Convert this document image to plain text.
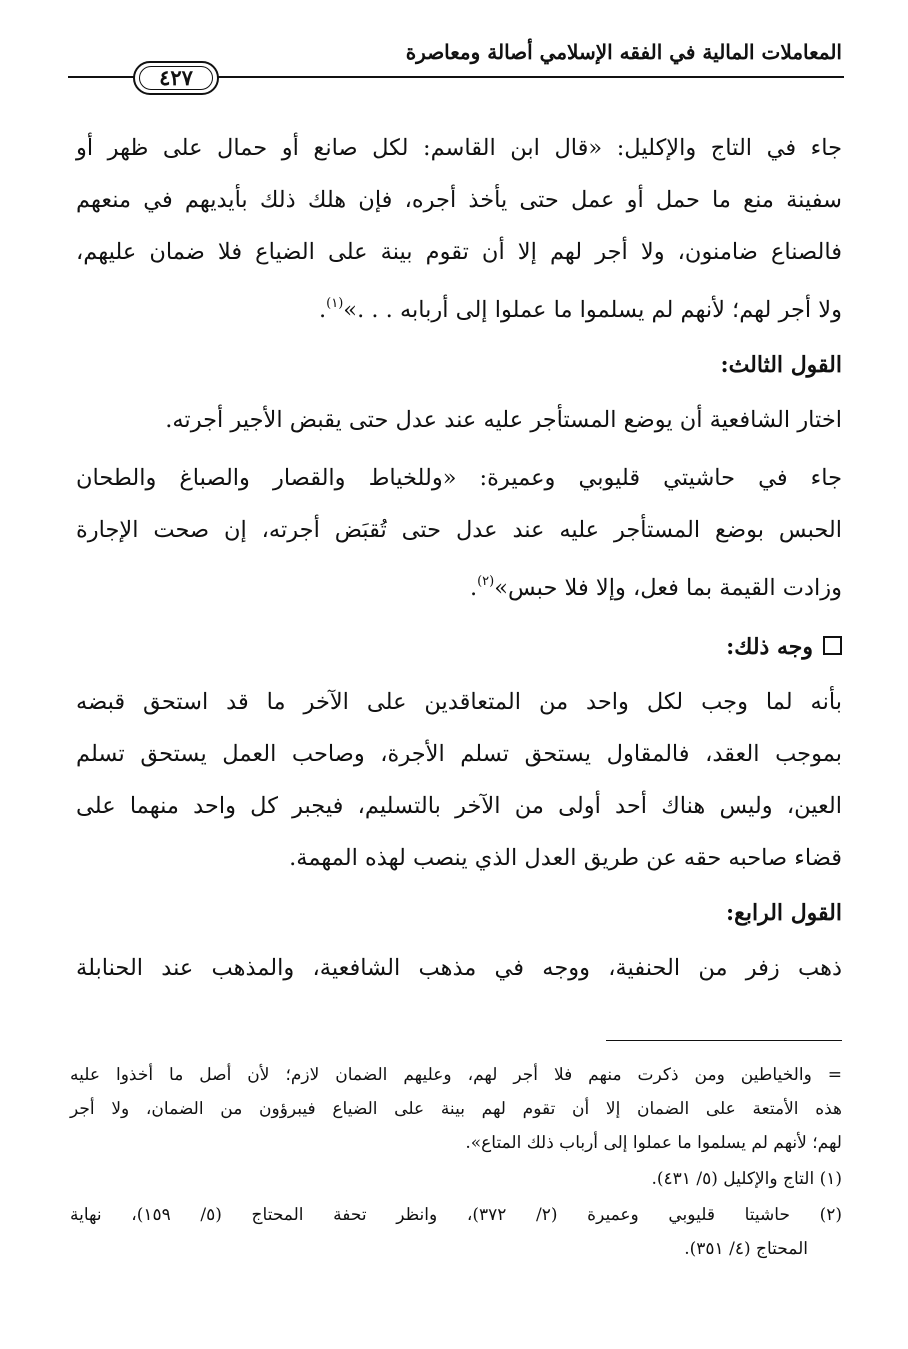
المعاملات المالية في الفقه الإسلامي أصالة ومعاصرة
٤٢٧
جاء في التاج والإكليل: «قال ابن القاسم: لكل صانع أو حمال على ظهر أو
سفينة منع ما حمل أو عمل حتى يأخذ أجره، فإن هلك ذلك بأيديهم في منعهم
فالصناع ضامنون، ولا أجر لهم إلا أن تقوم بينة على الضياع فلا ضمان عليهم،
ولا أجر لهم؛ لأنهم لم يسلموا ما عملوا إلى أربابه . . .»$^{(١)}$.
القول الثالث:
اختار الشافعية أن يوضع المستأجر عليه عند عدل حتى يقبض الأجير أجرته.
جاء في حاشيتي قليوبي وعميرة: «وللخياط والقصار والصباغ والطحان
الحبس بوضع المستأجر عليه عند عدل حتى تُقبَض أجرته، إن صحت الإجارة
وزادت القيمة بما فعل، وإلا فلا حبس»$^{(٢)}$.
وجه ذلك:
بأنه لما وجب لكل واحد من المتعاقدين على الآخر ما قد استحق قبضه
بموجب العقد، فالمقاول يستحق تسلم الأجرة، وصاحب العمل يستحق تسلم
العين، وليس هناك أحد أولى من الآخر بالتسليم، فيجبر كل واحد منهما على
قضاء صاحبه حقه عن طريق العدل الذي ينصب لهذه المهمة.
القول الرابع:
ذهب زفر من الحنفية، ووجه في مذهب الشافعية، والمذهب عند الحنابلة
= والخياطين ومن ذكرت منهم فلا أجر لهم، وعليهم الضمان لازم؛ لأن أصل ما أخذوا عليه
هذه الأمتعة على الضمان إلا أن تقوم لهم بينة على الضياع فيبرؤون من الضمان، ولا أجر
لهم؛ لأنهم لم يسلموا ما عملوا إلى أرباب ذلك المتاع».
(١) التاج والإكليل (٥/ ٤٣١).
(٢) حاشيتا قليوبي وعميرة (٢/ ٣٧٢)، وانظر تحفة المحتاج (٥/ ١٥٩)، نهاية
المحتاج (٤/ ٣٥١).
